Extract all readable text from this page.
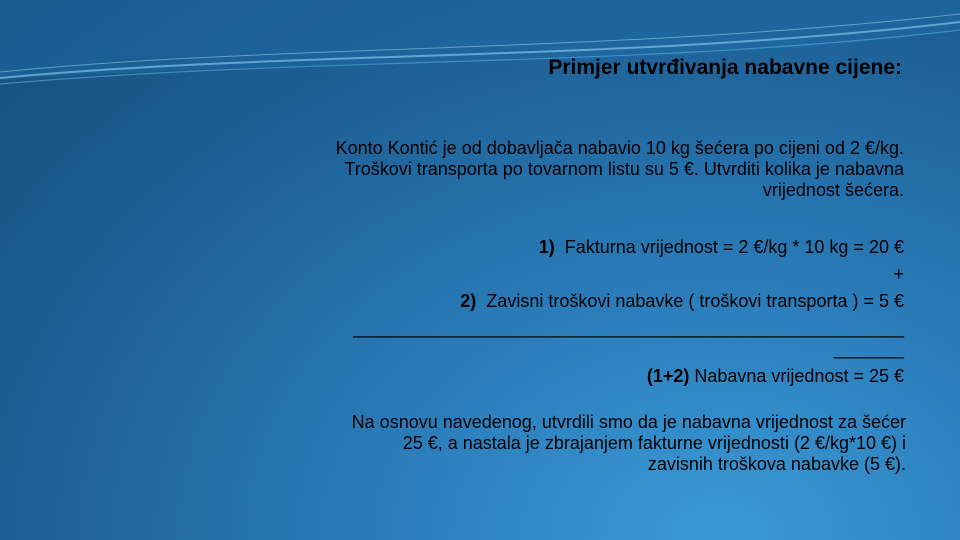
Primjer utvrđivanja nabavne cijene:
Konto Kontić je od dobavljača nabavio 10 kg šećera po cijeni od 2 €/kg.
Troškovi transporta po tovarnom listu su 5 €. Utvrditi kolika je nabavna
vrijednost šećera.
1) Fakturna vrijednost = 2 €/kg * 10 kg = 20 €
+
2) Zavisni troškovi nabavke ( troškovi transporta ) = 5 €
_______________________________________________________
_______
(1+2) Nabavna vrijednost = 25 €
Na osnovu navedenog, utvrdili smo da je nabavna vrijednost za šećer
25 €, a nastala je zbrajanjem fakturne vrijednosti (2 €/kg*10 €) i
zavisnih troškova nabavke (5 €).
